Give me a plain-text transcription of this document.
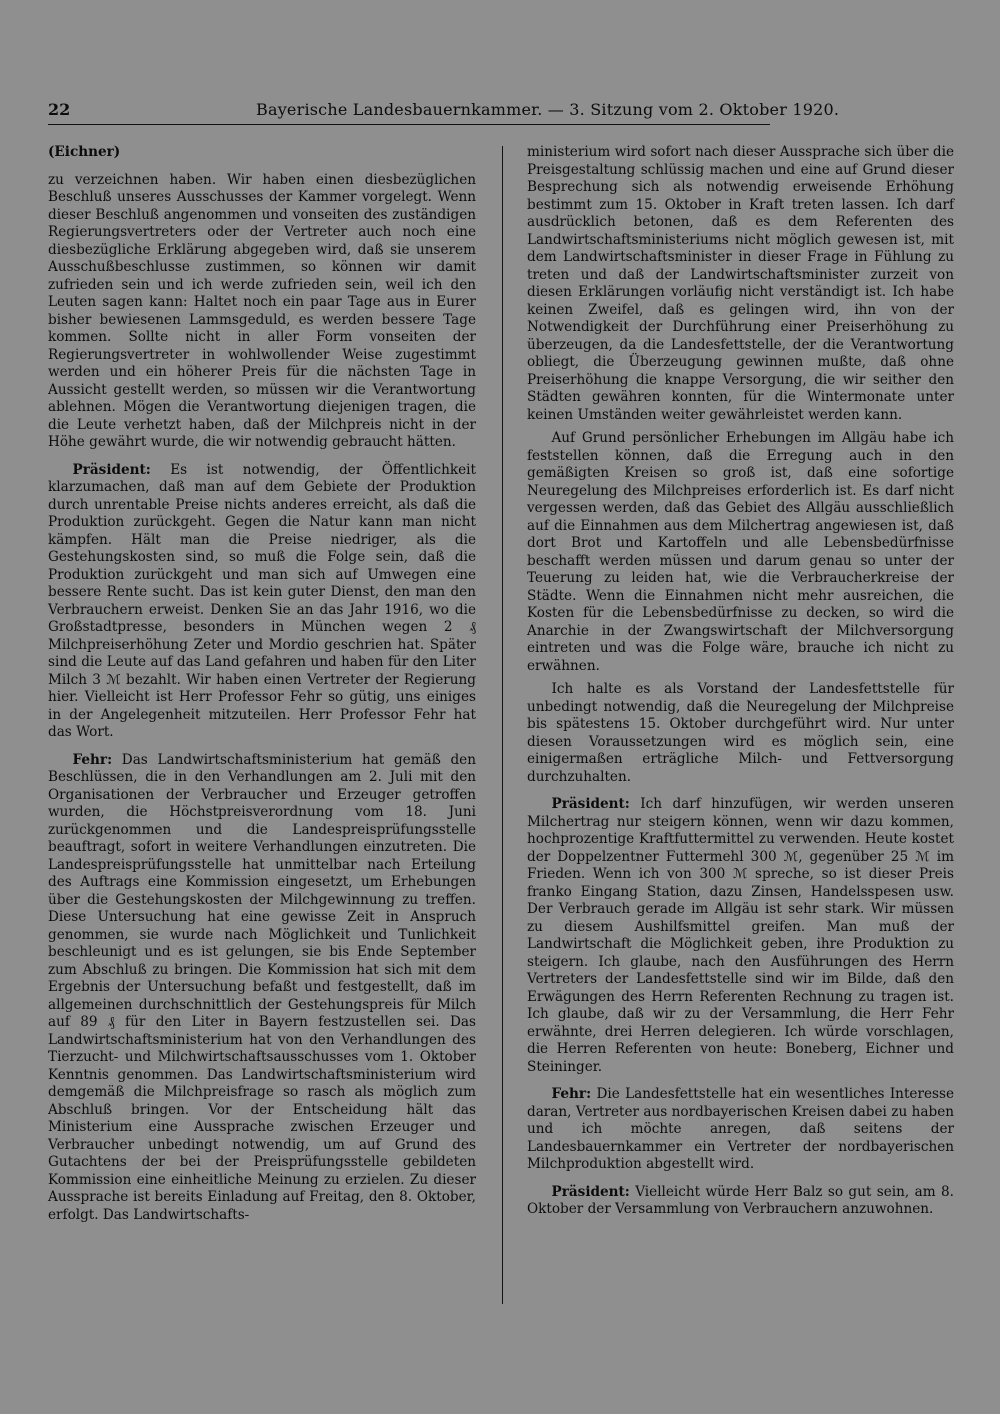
22	Bayerische Landesbauernkammer. — 3. Sitzung vom 2. Oktober 1920.

(Eichner)

zu verzeichnen haben. Wir haben einen diesbezüglichen Beschluß unseres Ausschusses der Kammer vorgelegt. Wenn dieser Beschluß angenommen und vonseiten des zuständigen Regierungsvertreters oder der Vertreter auch noch eine diesbezügliche Erklärung abgegeben wird, daß sie unserem Ausschußbeschlusse zustimmen, so können wir damit zufrieden sein und ich werde zufrieden sein, weil ich den Leuten sagen kann: Haltet noch ein paar Tage aus in Eurer bisher bewiesenen Lammsgeduld, es werden bessere Tage kommen. Sollte nicht in aller Form vonseiten der Regierungsvertreter in wohlwollender Weise zugestimmt werden und ein höherer Preis für die nächsten Tage in Aussicht gestellt werden, so müssen wir die Verantwortung ablehnen. Mögen die Verantwortung diejenigen tragen, die die Leute verhetzt haben, daß der Milchpreis nicht in der Höhe gewährt wurde, die wir notwendig gebraucht hätten.

Präsident: Es ist notwendig, der Öffentlichkeit klarzumachen, daß man auf dem Gebiete der Produktion durch unrentable Preise nichts anderes erreicht, als daß die Produktion zurückgeht. Gegen die Natur kann man nicht kämpfen. Hält man die Preise niedriger, als die Gestehungskosten sind, so muß die Folge sein, daß die Produktion zurückgeht und man sich auf Umwegen eine bessere Rente sucht. Das ist kein guter Dienst, den man den Verbrauchern erweist. Denken Sie an das Jahr 1916, wo die Großstadtpresse, besonders in München wegen 2 ₰ Milchpreiserhöhung Zeter und Mordio geschrien hat. Später sind die Leute auf das Land gefahren und haben für den Liter Milch 3 ℳ bezahlt. Wir haben einen Vertreter der Regierung hier. Vielleicht ist Herr Professor Fehr so gütig, uns einiges in der Angelegenheit mitzuteilen. Herr Professor Fehr hat das Wort.

Fehr: Das Landwirtschaftsministerium hat gemäß den Beschlüssen, die in den Verhandlungen am 2. Juli mit den Organisationen der Verbraucher und Erzeuger getroffen wurden, die Höchstpreisverordnung vom 18. Juni zurückgenommen und die Landespreisprüfungsstelle beauftragt, sofort in weitere Verhandlungen einzutreten. Die Landespreisprüfungsstelle hat unmittelbar nach Erteilung des Auftrags eine Kommission eingesetzt, um Erhebungen über die Gestehungskosten der Milchgewinnung zu treffen. Diese Untersuchung hat eine gewisse Zeit in Anspruch genommen, sie wurde nach Möglichkeit und Tunlichkeit beschleunigt und es ist gelungen, sie bis Ende September zum Abschluß zu bringen. Die Kommission hat sich mit dem Ergebnis der Untersuchung befaßt und festgestellt, daß im allgemeinen durchschnittlich der Gestehungspreis für Milch auf 89 ₰ für den Liter in Bayern festzustellen sei. Das Landwirtschaftsministerium hat von den Verhandlungen des Tierzucht- und Milchwirtschaftsausschusses vom 1. Oktober Kenntnis genommen. Das Landwirtschaftsministerium wird demgemäß die Milchpreisfrage so rasch als möglich zum Abschluß bringen. Vor der Entscheidung hält das Ministerium eine Aussprache zwischen Erzeuger und Verbraucher unbedingt notwendig, um auf Grund des Gutachtens der bei der Preisprüfungsstelle gebildeten Kommission eine einheitliche Meinung zu erzielen. Zu dieser Aussprache ist bereits Einladung auf Freitag, den 8. Oktober, erfolgt. Das Landwirtschafts-

ministerium wird sofort nach dieser Aussprache sich über die Preisgestaltung schlüssig machen und eine auf Grund dieser Besprechung sich als notwendig erweisende Erhöhung bestimmt zum 15. Oktober in Kraft treten lassen. Ich darf ausdrücklich betonen, daß es dem Referenten des Landwirtschaftsministeriums nicht möglich gewesen ist, mit dem Landwirtschaftsminister in dieser Frage in Fühlung zu treten und daß der Landwirtschaftsminister zurzeit von diesen Erklärungen vorläufig nicht verständigt ist. Ich habe keinen Zweifel, daß es gelingen wird, ihn von der Notwendigkeit der Durchführung einer Preiserhöhung zu überzeugen, da die Landesfettstelle, der die Verantwortung obliegt, die Überzeugung gewinnen mußte, daß ohne Preiserhöhung die knappe Versorgung, die wir seither den Städten gewähren konnten, für die Wintermonate unter keinen Umständen weiter gewährleistet werden kann.

Auf Grund persönlicher Erhebungen im Allgäu habe ich feststellen können, daß die Erregung auch in den gemäßigten Kreisen so groß ist, daß eine sofortige Neuregelung des Milchpreises erforderlich ist. Es darf nicht vergessen werden, daß das Gebiet des Allgäu ausschließlich auf die Einnahmen aus dem Milchertrag angewiesen ist, daß dort Brot und Kartoffeln und alle Lebensbedürfnisse beschafft werden müssen und darum genau so unter der Teuerung zu leiden hat, wie die Verbraucherkreise der Städte. Wenn die Einnahmen nicht mehr ausreichen, die Kosten für die Lebensbedürfnisse zu decken, so wird die Anarchie in der Zwangswirtschaft der Milchversorgung eintreten und was die Folge wäre, brauche ich nicht zu erwähnen.

Ich halte es als Vorstand der Landesfettstelle für unbedingt notwendig, daß die Neuregelung der Milchpreise bis spätestens 15. Oktober durchgeführt wird. Nur unter diesen Voraussetzungen wird es möglich sein, eine einigermaßen erträgliche Milch- und Fettversorgung durchzuhalten.

Präsident: Ich darf hinzufügen, wir werden unseren Milchertrag nur steigern können, wenn wir dazu kommen, hochprozentige Kraftfuttermittel zu verwenden. Heute kostet der Doppelzentner Futtermehl 300 ℳ, gegenüber 25 ℳ im Frieden. Wenn ich von 300 ℳ spreche, so ist dieser Preis franko Eingang Station, dazu Zinsen, Handelsspesen usw. Der Verbrauch gerade im Allgäu ist sehr stark. Wir müssen zu diesem Aushilfsmittel greifen. Man muß der Landwirtschaft die Möglichkeit geben, ihre Produktion zu steigern. Ich glaube, nach den Ausführungen des Herrn Vertreters der Landesfettstelle sind wir im Bilde, daß den Erwägungen des Herrn Referenten Rechnung zu tragen ist. Ich glaube, daß wir zu der Versammlung, die Herr Fehr erwähnte, drei Herren delegieren. Ich würde vorschlagen, die Herren Referenten von heute: Boneberg, Eichner und Steininger.

Fehr: Die Landesfettstelle hat ein wesentliches Interesse daran, Vertreter aus nordbayerischen Kreisen dabei zu haben und ich möchte anregen, daß seitens der Landesbauernkammer ein Vertreter der nordbayerischen Milchproduktion abgestellt wird.

Präsident: Vielleicht würde Herr Balz so gut sein, am 8. Oktober der Versammlung von Verbrauchern anzuwohnen.
